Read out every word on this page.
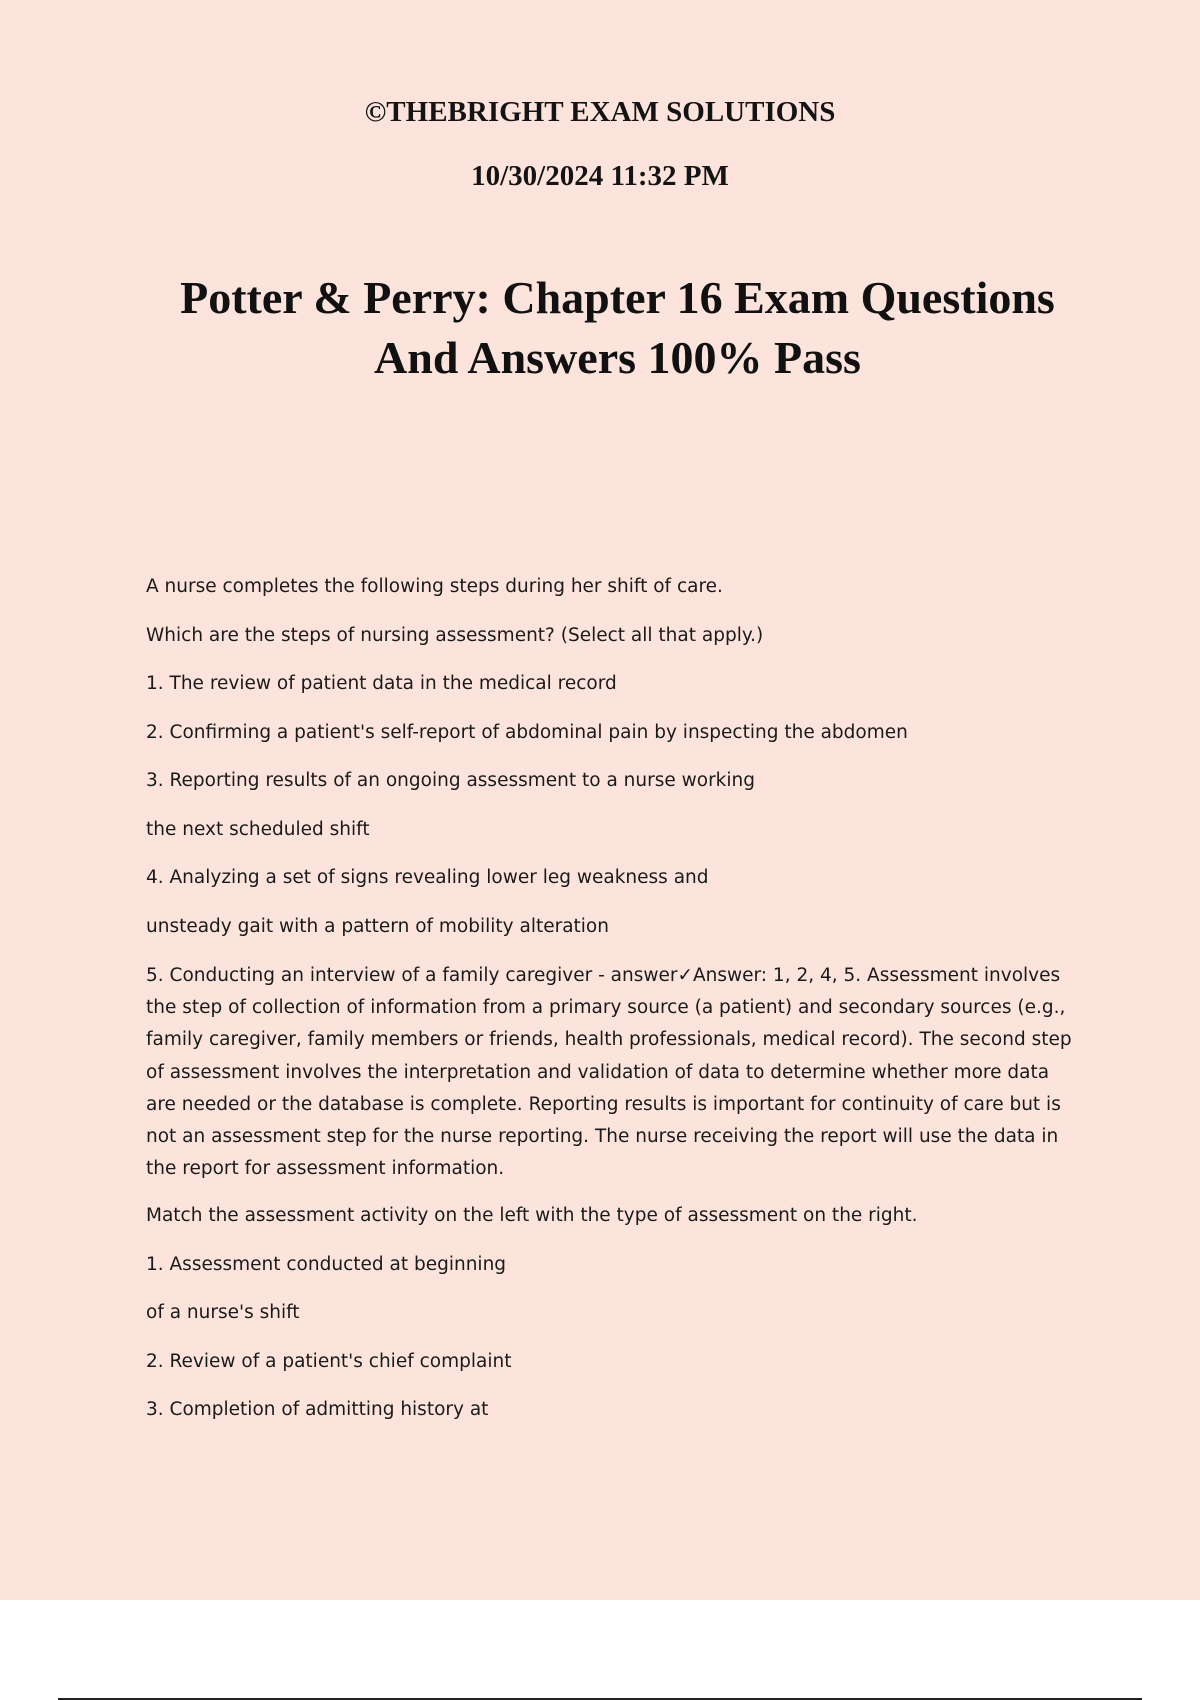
©THEBRIGHT EXAM SOLUTIONS

10/30/2024 11:32 PM

Potter & Perry: Chapter 16 Exam Questions
And Answers 100% Pass

A nurse completes the following steps during her shift of care.

Which are the steps of nursing assessment? (Select all that apply.)

1. The review of patient data in the medical record

2. Confirming a patient's self-report of abdominal pain by inspecting the abdomen

3. Reporting results of an ongoing assessment to a nurse working

the next scheduled shift

4. Analyzing a set of signs revealing lower leg weakness and

unsteady gait with a pattern of mobility alteration

5. Conducting an interview of a family caregiver - answer✓Answer: 1, 2, 4, 5. Assessment involves the step of collection of information from a primary source (a patient) and secondary sources (e.g., family caregiver, family members or friends, health professionals, medical record). The second step of assessment involves the interpretation and validation of data to determine whether more data are needed or the database is complete. Reporting results is important for continuity of care but is not an assessment step for the nurse reporting. The nurse receiving the report will use the data in the report for assessment information.

Match the assessment activity on the left with the type of assessment on the right.

1. Assessment conducted at beginning

of a nurse's shift

2. Review of a patient's chief complaint

3. Completion of admitting history at
